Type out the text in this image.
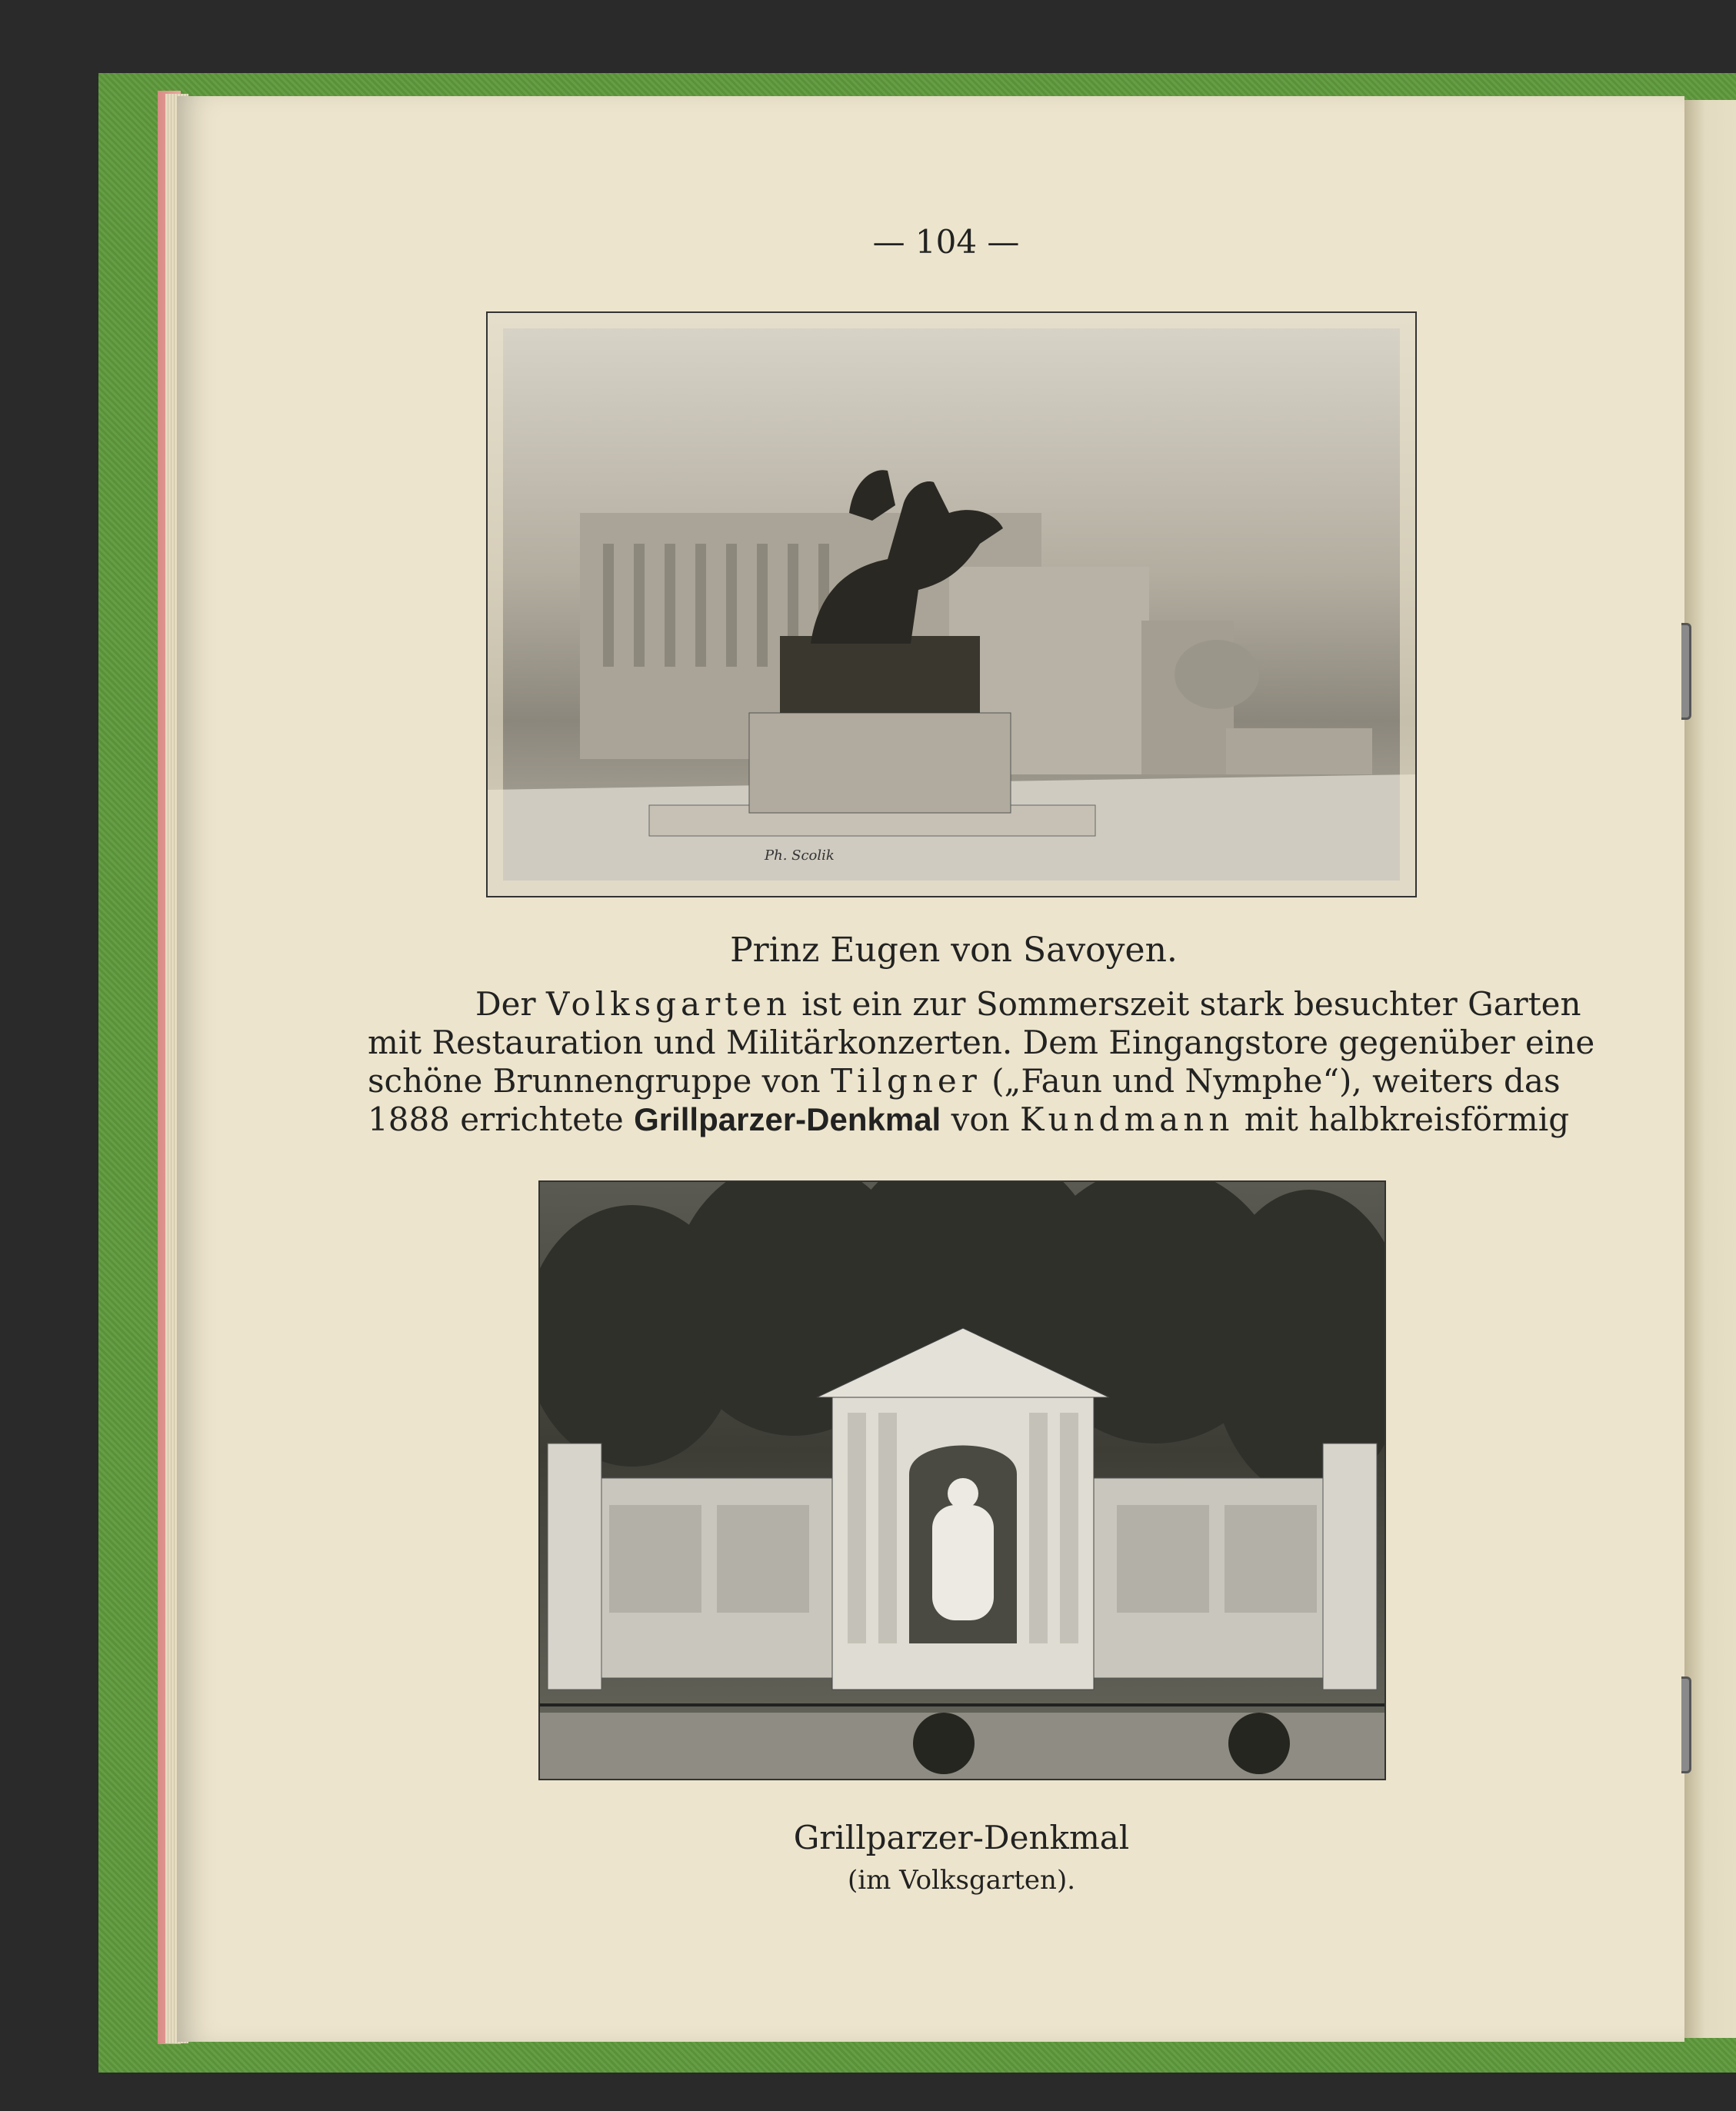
— 104 —
Ph. Scolik
Prinz Eugen von Savoyen.
Der Volksgarten ist ein zur Sommerszeit stark besuchter Garten
mit Restauration und Militärkonzerten. Dem Eingangstore gegenüber eine
schöne Brunnengruppe von Tilgner („Faun und Nymphe“), weiters das
1888 errichtete Grillparzer-Denkmal von Kundmann mit halbkreisförmig
Grillparzer-Denkmal
(im Volksgarten).
